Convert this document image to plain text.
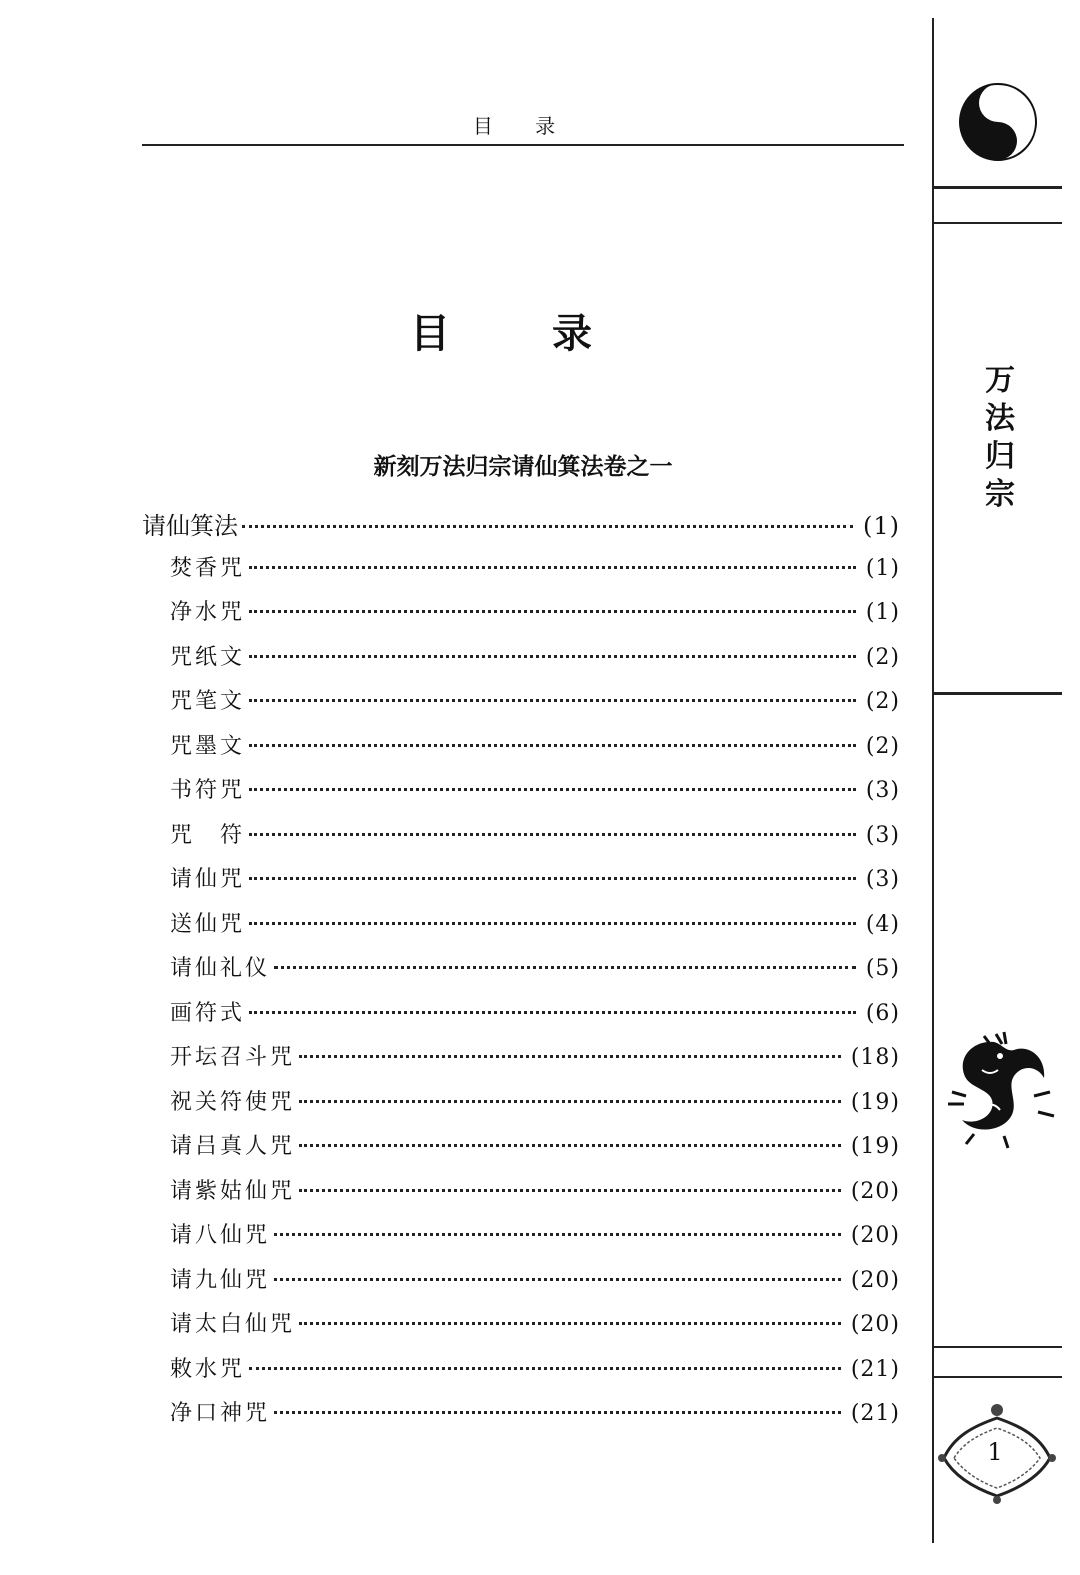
目 录
目 录
新刻万法归宗请仙箕法卷之一
请仙箕法	(1)
焚香咒	(1)
净水咒	(1)
咒纸文	(2)
咒笔文	(2)
咒墨文	(2)
书符咒	(3)
咒　符	(3)
请仙咒	(3)
送仙咒	(4)
请仙礼仪	(5)
画符式	(6)
开坛召斗咒	(18)
祝关符使咒	(19)
请吕真人咒	(19)
请紫姑仙咒	(20)
请八仙咒	(20)
请九仙咒	(20)
请太白仙咒	(20)
敕水咒	(21)
净口神咒	(21)
万
法
归
宗
1
